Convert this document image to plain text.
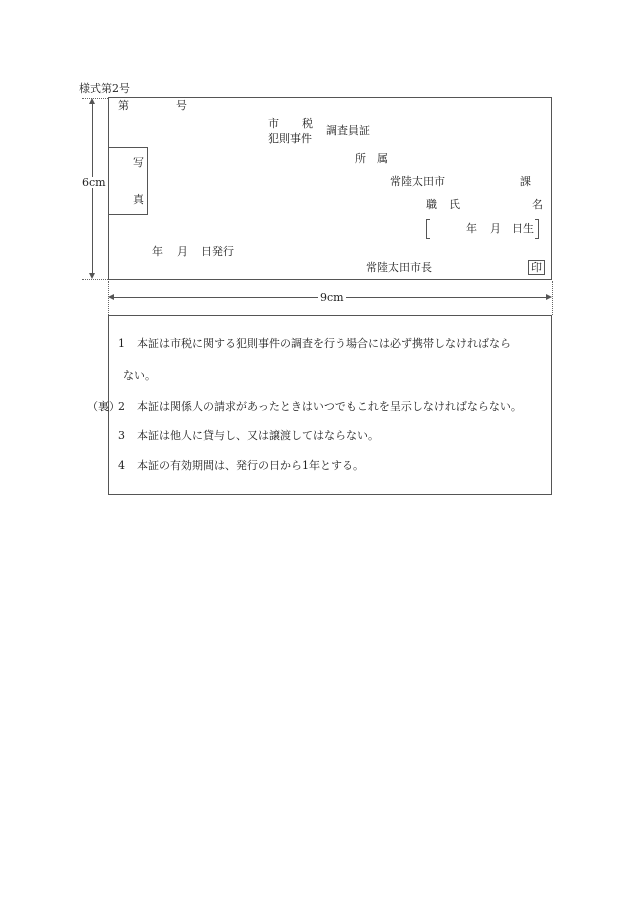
様式第2号
6cm
第	号
市 税
犯則事件
調査員証
写
真
所　属
常陸太田市	課
職 氏	名
年 月 日生
年 月 日発行
常陸太田市長	印
9cm
（裏）
1 本証は市税に関する犯則事件の調査を行う場合には必ず携帯しなければなら
ない。
2 本証は関係人の請求があったときはいつでもこれを呈示しなければならない。
3 本証は他人に貸与し、又は譲渡してはならない。
4 本証の有効期間は、発行の日から1年とする。
